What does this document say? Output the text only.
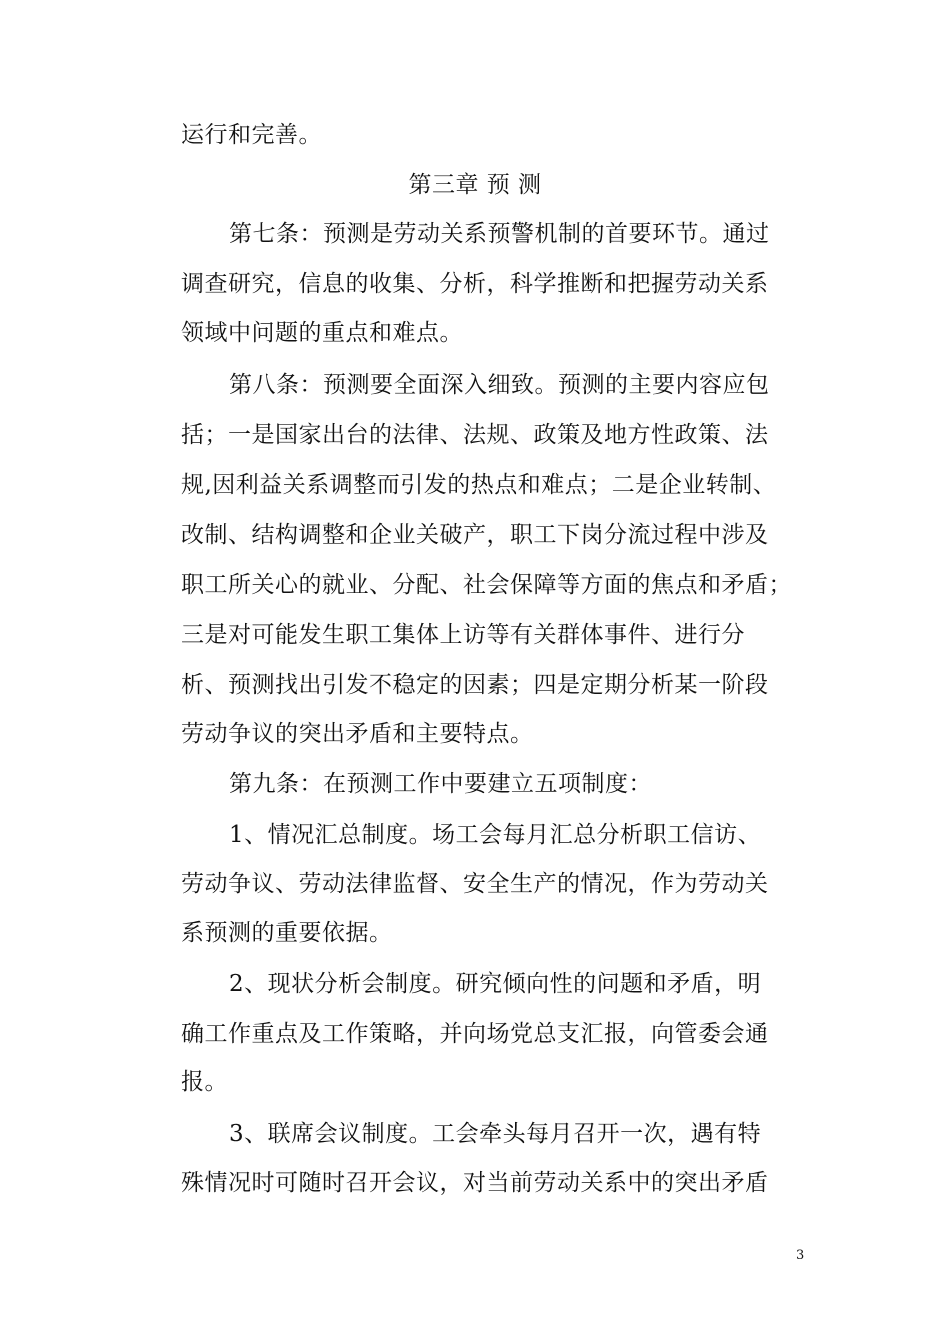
运行和完善。
第三章 预 测
第七条：预测是劳动关系预警机制的首要环节。通过
调查研究，信息的收集、分析，科学推断和把握劳动关系
领域中问题的重点和难点。
第八条：预测要全面深入细致。预测的主要内容应包
括；一是国家出台的法律、法规、政策及地方性政策、法
规,因利益关系调整而引发的热点和难点；二是企业转制、
改制、结构调整和企业关破产，职工下岗分流过程中涉及
职工所关心的就业、分配、社会保障等方面的焦点和矛盾；
三是对可能发生职工集体上访等有关群体事件、进行分
析、预测找出引发不稳定的因素；四是定期分析某一阶段
劳动争议的突出矛盾和主要特点。
第九条：在预测工作中要建立五项制度：
1、情况汇总制度。场工会每月汇总分析职工信访、
劳动争议、劳动法律监督、安全生产的情况，作为劳动关
系预测的重要依据。
2、现状分析会制度。研究倾向性的问题和矛盾，明
确工作重点及工作策略，并向场党总支汇报，向管委会通
报。
3、联席会议制度。工会牵头每月召开一次，遇有特
殊情况时可随时召开会议，对当前劳动关系中的突出矛盾
3
